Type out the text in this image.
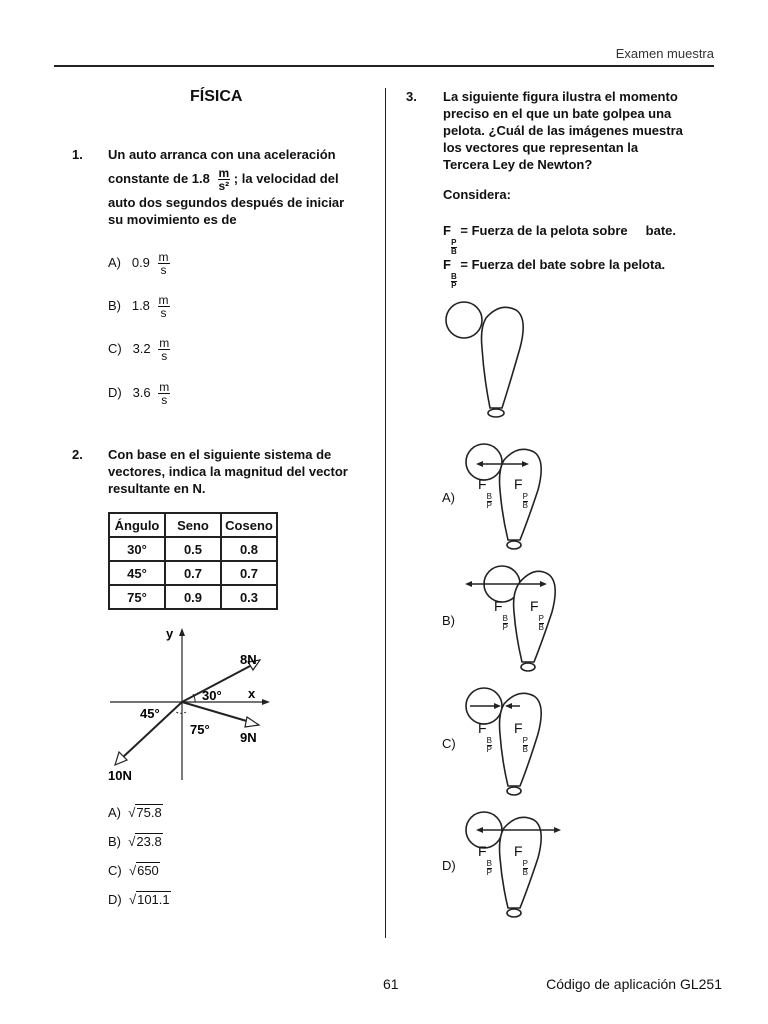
Examen muestra
FÍSICA
1. Un auto arranca con una aceleración
constante de $1.8 \frac{m}{\text{s²}}$ ; la velocidad del
auto dos segundos después de iniciar
su movimiento es de
A) $0.9 \frac{m}{s}$
B) $1.8 \frac{m}{s}$
C) $3.2 \frac{m}{s}$
D) $3.6 \frac{m}{s}$
2. Con base en el siguiente sistema de
vectores, indica la magnitud del vector
resultante en N.
Ángulo	Seno	Coseno
30°	0.5	0.8
45°	0.7	0.7
75°	0.9	0.3
y
x
8N
9N
10N
30°
45°
75°
A) √75.8
B) √23.8
C) √650
D) √101.1
3. La siguiente figura ilustra el momento
preciso en el que un bate golpea una
pelota. ¿Cuál de las imágenes muestra
los vectores que representan la
Tercera Ley de Newton?
Considera:
F
$\frac{P}{B}$
= Fuerza de la pelota sobre     bate.
F
$\frac{B}{P}$
= Fuerza del bate sobre la pelota.
A)
F
$\frac{B}{P}$
F
$\frac{P}{B}$
B)
F
$\frac{B}{P}$
F
$\frac{P}{B}$
C)
F
$\frac{B}{P}$
F
$\frac{P}{B}$
D)
F
$\frac{B}{P}$
F
$\frac{P}{B}$
61	Código de aplicación GL251
